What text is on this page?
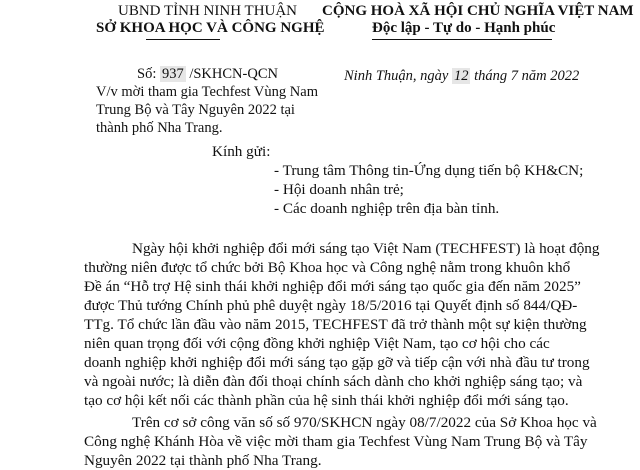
UBND TỈNH NINH THUẬN
SỞ KHOA HỌC VÀ CÔNG NGHỆ
Số: 937 /SKHCN-QCN
V/v mời tham gia Techfest Vùng Nam
Trung Bộ và Tây Nguyên 2022 tại
thành phố Nha Trang.
CỘNG HOÀ XÃ HỘI CHỦ NGHĨA VIỆT NAM
Độc lập - Tự do - Hạnh phúc
Ninh Thuận, ngày 12 tháng 7 năm 2022
Kính gửi:
- Trung tâm Thông tin-Ứng dụng tiến bộ KH&CN;
- Hội doanh nhân trẻ;
- Các doanh nghiệp trên địa bàn tỉnh.
Ngày hội khởi nghiệp đổi mới sáng tạo Việt Nam (TECHFEST) là hoạt động
thường niên được tổ chức bởi Bộ Khoa học và Công nghệ nằm trong khuôn khổ
Đề án “Hỗ trợ Hệ sinh thái khởi nghiệp đổi mới sáng tạo quốc gia đến năm 2025”
được Thủ tướng Chính phủ phê duyệt ngày 18/5/2016 tại Quyết định số 844/QĐ-
TTg. Tổ chức lần đầu vào năm 2015, TECHFEST đã trở thành một sự kiện thường
niên quan trọng đối với cộng đồng khởi nghiệp Việt Nam, tạo cơ hội cho các
doanh nghiệp khởi nghiệp đổi mới sáng tạo gặp gỡ và tiếp cận với nhà đầu tư trong
và ngoài nước; là diễn đàn đối thoại chính sách dành cho khởi nghiệp sáng tạo; và
tạo cơ hội kết nối các thành phần của hệ sinh thái khởi nghiệp đổi mới sáng tạo.
Trên cơ sở công văn số số 970/SKHCN ngày 08/7/2022 của Sở Khoa học và
Công nghệ Khánh Hòa về việc mời tham gia Techfest Vùng Nam Trung Bộ và Tây
Nguyên 2022 tại thành phố Nha Trang.
